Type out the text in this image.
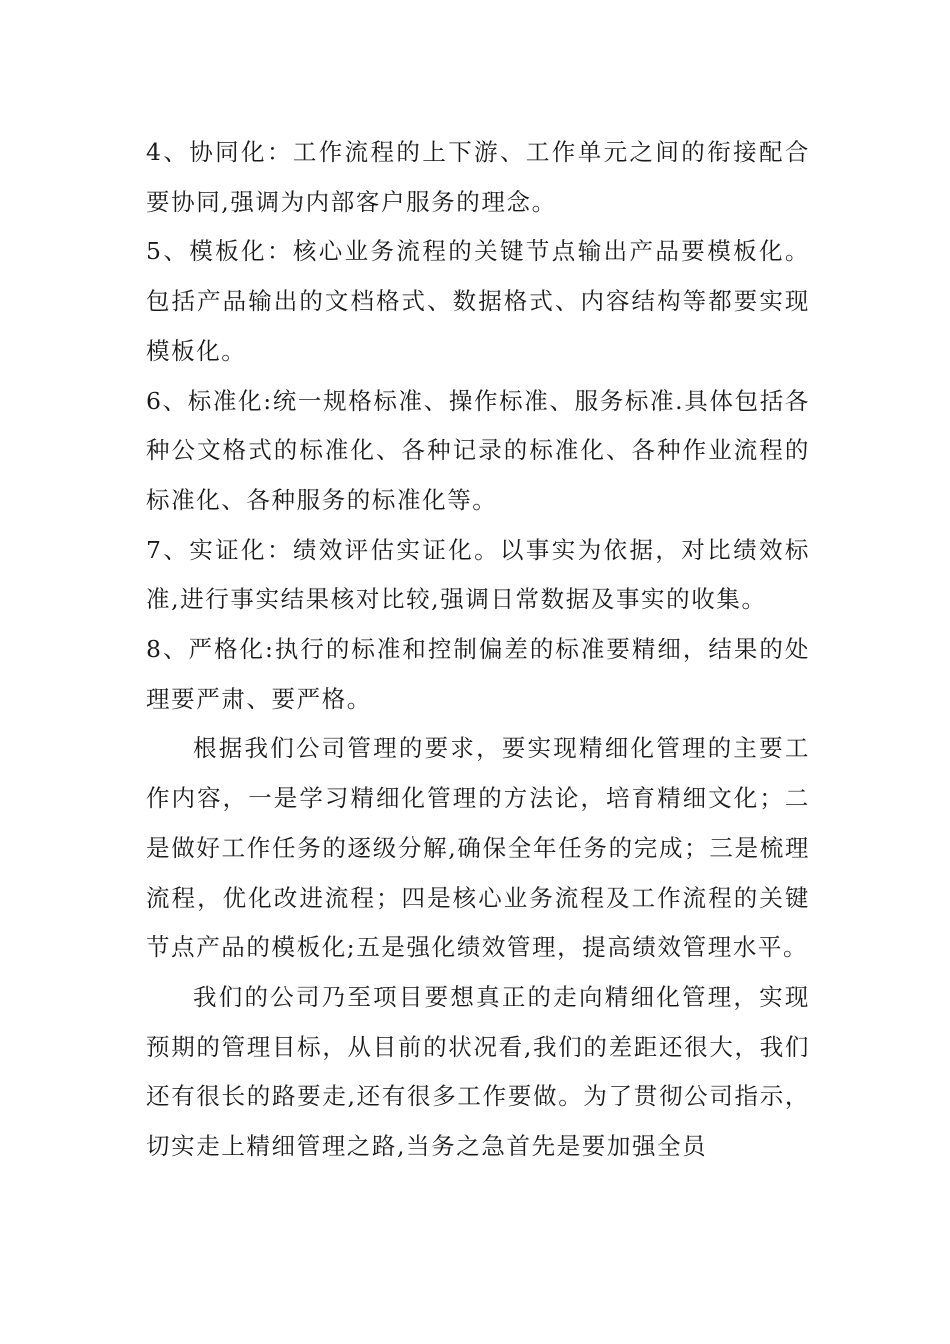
4、协同化：工作流程的上下游、工作单元之间的衔接配合要协同,强调为内部客户服务的理念。

5、模板化：核心业务流程的关键节点输出产品要模板化。包括产品输出的文档格式、数据格式、内容结构等都要实现模板化。

6、标准化:统一规格标准、操作标准、服务标准.具体包括各种公文格式的标准化、各种记录的标准化、各种作业流程的标准化、各种服务的标准化等。

7、实证化：绩效评估实证化。以事实为依据，对比绩效标准,进行事实结果核对比较,强调日常数据及事实的收集。

8、严格化:执行的标准和控制偏差的标准要精细，结果的处理要严肃、要严格。

根据我们公司管理的要求，要实现精细化管理的主要工作内容，一是学习精细化管理的方法论，培育精细文化；二是做好工作任务的逐级分解,确保全年任务的完成；三是梳理流程，优化改进流程；四是核心业务流程及工作流程的关键节点产品的模板化;五是强化绩效管理，提高绩效管理水平。

我们的公司乃至项目要想真正的走向精细化管理，实现预期的管理目标，从目前的状况看,我们的差距还很大，我们还有很长的路要走,还有很多工作要做。为了贯彻公司指示，切实走上精细管理之路,当务之急首先是要加强全员
